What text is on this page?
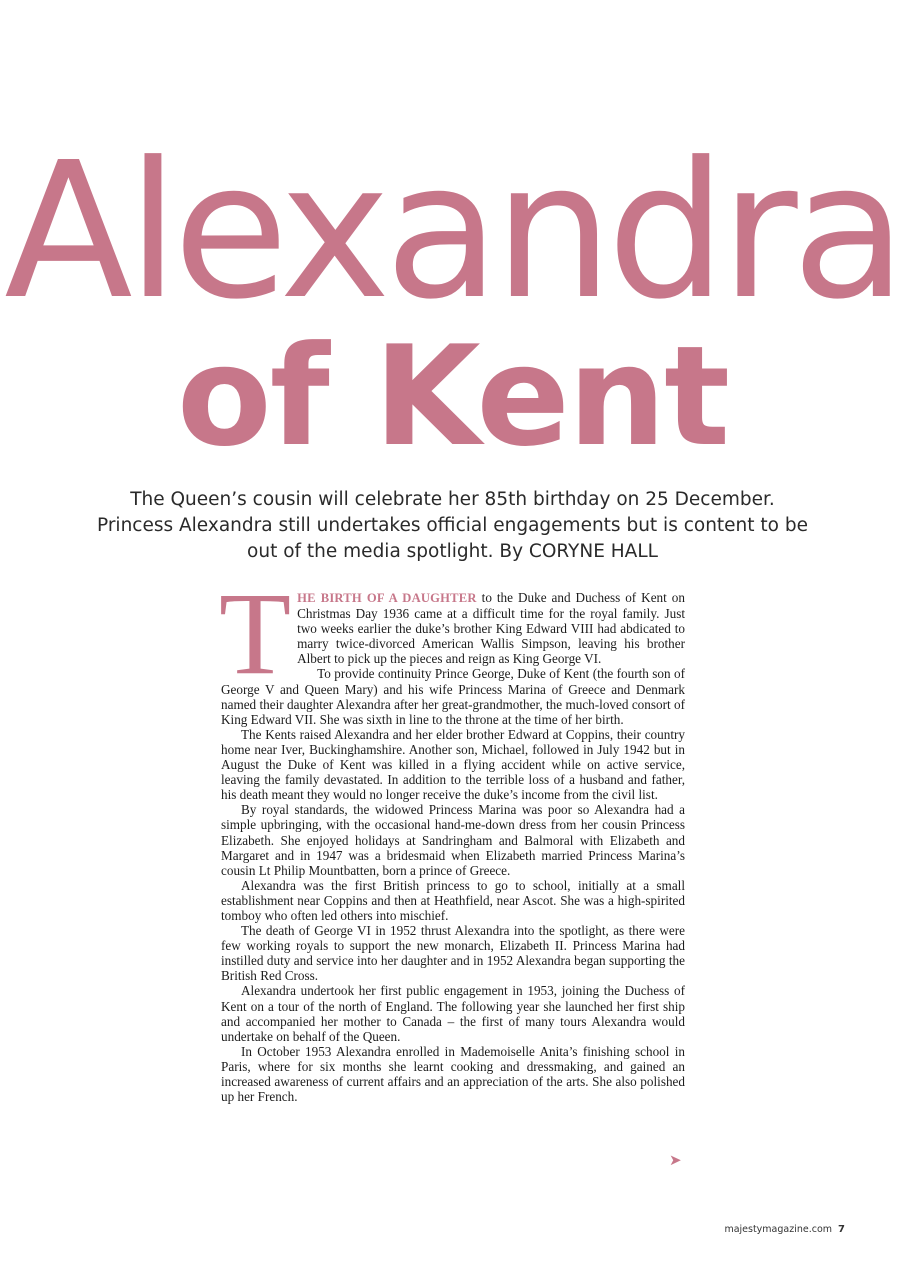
Alexandra
of Kent
The Queen’s cousin will celebrate her 85th birthday on 25 December. Princess Alexandra still undertakes official engagements but is content to be out of the media spotlight. By CORYNE HALL

THE BIRTH OF A DAUGHTER to the Duke and Duchess of Kent on Christmas Day 1936 came at a difficult time for the royal family. Just two weeks earlier the duke’s brother King Edward VIII had abdicated to marry twice-divorced American Wallis Simpson, leaving his brother Albert to pick up the pieces and reign as King George VI.

To provide continuity Prince George, Duke of Kent (the fourth son of George V and Queen Mary) and his wife Princess Marina of Greece and Denmark named their daughter Alexandra after her great-grandmother, the much-loved consort of King Edward VII. She was sixth in line to the throne at the time of her birth.

The Kents raised Alexandra and her elder brother Edward at Coppins, their country home near Iver, Buckinghamshire. Another son, Michael, followed in July 1942 but in August the Duke of Kent was killed in a flying accident while on active service, leaving the family devastated. In addition to the terrible loss of a husband and father, his death meant they would no longer receive the duke’s income from the civil list.

By royal standards, the widowed Princess Marina was poor so Alexandra had a simple upbringing, with the occasional hand-me-down dress from her cousin Princess Elizabeth. She enjoyed holidays at Sandringham and Balmoral with Elizabeth and Margaret and in 1947 was a bridesmaid when Elizabeth married Princess Marina’s cousin Lt Philip Mountbatten, born a prince of Greece.

Alexandra was the first British princess to go to school, initially at a small establishment near Coppins and then at Heathfield, near Ascot. She was a high-spirited tomboy who often led others into mischief.

The death of George VI in 1952 thrust Alexandra into the spotlight, as there were few working royals to support the new monarch, Elizabeth II. Princess Marina had instilled duty and service into her daughter and in 1952 Alexandra began supporting the British Red Cross.

Alexandra undertook her first public engagement in 1953, joining the Duchess of Kent on a tour of the north of England. The following year she launched her first ship and accompanied her mother to Canada – the first of many tours Alexandra would undertake on behalf of the Queen.

In October 1953 Alexandra enrolled in Mademoiselle Anita’s finishing school in Paris, where for six months she learnt cooking and dressmaking, and gained an increased awareness of current affairs and an appreciation of the arts. She also polished up her French.

➤
majestymagazine.com 7
